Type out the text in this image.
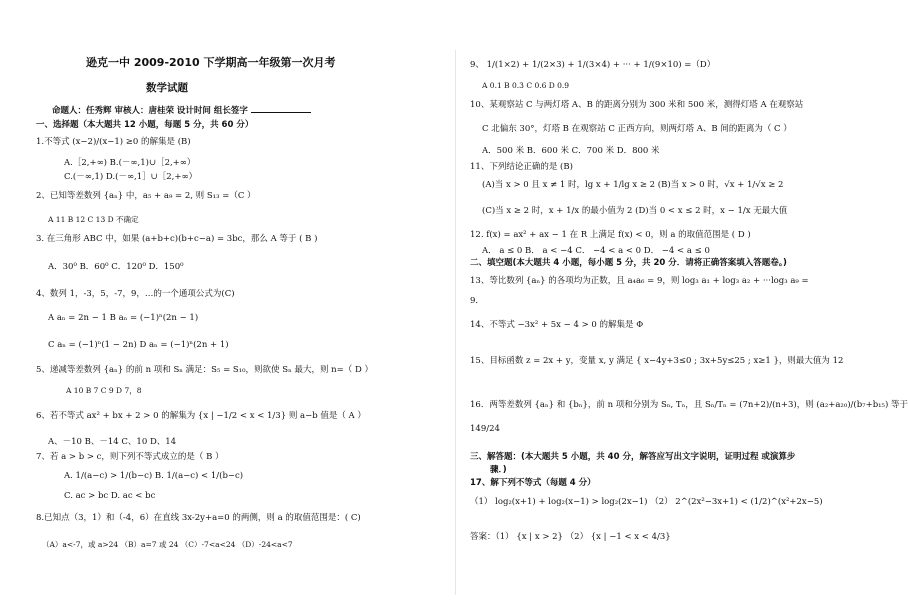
逊克一中 2009-2010 下学期高一年级第一次月考
数学试题
命题人：任秀辉 审核人：唐桂荣 设计时间 组长签字
一、选择题（本大题共 12 小题，每题 5 分，共 60 分）
1.不等式 (x−2)/(x−1) ≥0 的解集是 (B)
A.［2,+∞) B.(－∞,1)∪［2,+∞）
C.(－∞,1) D.(－∞,1］∪［2,+∞）
2、已知等差数列 {aₙ} 中，a₅ + a₉ = 2, 则 S₁₃ =（C ）
A 11 B 12 C 13 D 不确定
3. 在三角形 ABC 中，如果 (a+b+c)(b+c−a) = 3bc，那么 A 等于 ( B )
A．30⁰ B．60⁰ C．120⁰ D．150⁰
4、数列 1，-3，5，-7，9，…的一个通项公式为(C)
A aₙ = 2n − 1 B aₙ = (−1)ⁿ(2n − 1)
C aₙ = (−1)ⁿ(1 − 2n) D aₙ = (−1)ⁿ(2n + 1)
5、递减等差数列 {aₙ} 的前 n 项和 Sₙ 满足：S₅ = S₁₀，则欲使 Sₙ 最大，则 n=（ D ）
A 10 B 7 C 9 D 7，8
6、若不等式 ax² + bx + 2 > 0 的解集为 {x | −1/2 < x < 1/3} 则 a−b 值是（ A ）
A、－10 B、－14 C、10 D、14
7、若 a > b > c，则下列不等式成立的是（ B ）
A. 1/(a−c) > 1/(b−c) B. 1/(a−c) < 1/(b−c)
C. ac > bc D. ac < bc
8.已知点（3，1）和（-4，6）在直线 3x-2y+a=0 的两侧，则 a 的取值范围是：( C)
（A）a<-7，或 a>24 （B）a=7 或 24 （C）-7<a<24 （D）-24<a<7
9、 1/(1×2) + 1/(2×3) + 1/(3×4) + ··· + 1/(9×10) =（D）
A 0.1 B 0.3 C 0.6 D 0.9
10、某观察站 C 与两灯塔 A、B 的距离分别为 300 米和 500 米，测得灯塔 A 在观察站
C 北偏东 30°，灯塔 B 在观察站 C 正西方向，则两灯塔 A、B 间的距离为（ C ）
A．500 米 B．600 米 C．700 米 D．800 米
11、下列结论正确的是 (B)
(A)当 x > 0 且 x ≠ 1 时，lg x + 1/lg x ≥ 2 (B)当 x > 0 时，√x + 1/√x ≥ 2
(C)当 x ≥ 2 时，x + 1/x 的最小值为 2 (D)当 0 < x ≤ 2 时，x − 1/x 无最大值
12. f(x) = ax² + ax − 1 在 R 上满足 f(x) < 0，则 a 的取值范围是 ( D )
A． a ≤ 0 B． a < −4 C． −4 < a < 0 D． −4 < a ≤ 0
二、填空题(本大题共 4 小题，每小题 5 分，共 20 分．请将正确答案填入答题卷。)
13、等比数列 {aₙ} 的各项均为正数，且 a₄a₆ = 9，则 log₃ a₁ + log₃ a₂ + ···log₃ a₉ =
9．
14、不等式 −3x² + 5x − 4 > 0 的解集是 Φ
15、目标函数 z = 2x + y，变量 x, y 满足 { x−4y+3≤0 ; 3x+5y≤25 ; x≥1 }，则最大值为 12
16．两等差数列 {aₙ} 和 {bₙ}，前 n 项和分别为 Sₙ, Tₙ，且 Sₙ/Tₙ = (7n+2)/(n+3)，则 (a₂+a₂₀)/(b₇+b₁₅) 等于
149/24
三、解答题：(本大题共 5 小题，共 40 分，解答应写出文字说明，证明过程 或演算步
骤．)
17、解下列不等式（每题 4 分）
（1） log₂(x+1) + log₂(x−1) > log₂(2x−1) （2） 2^(2x²−3x+1) < (1/2)^(x²+2x−5)
答案：（1） {x | x > 2} （2） {x | −1 < x < 4/3}
